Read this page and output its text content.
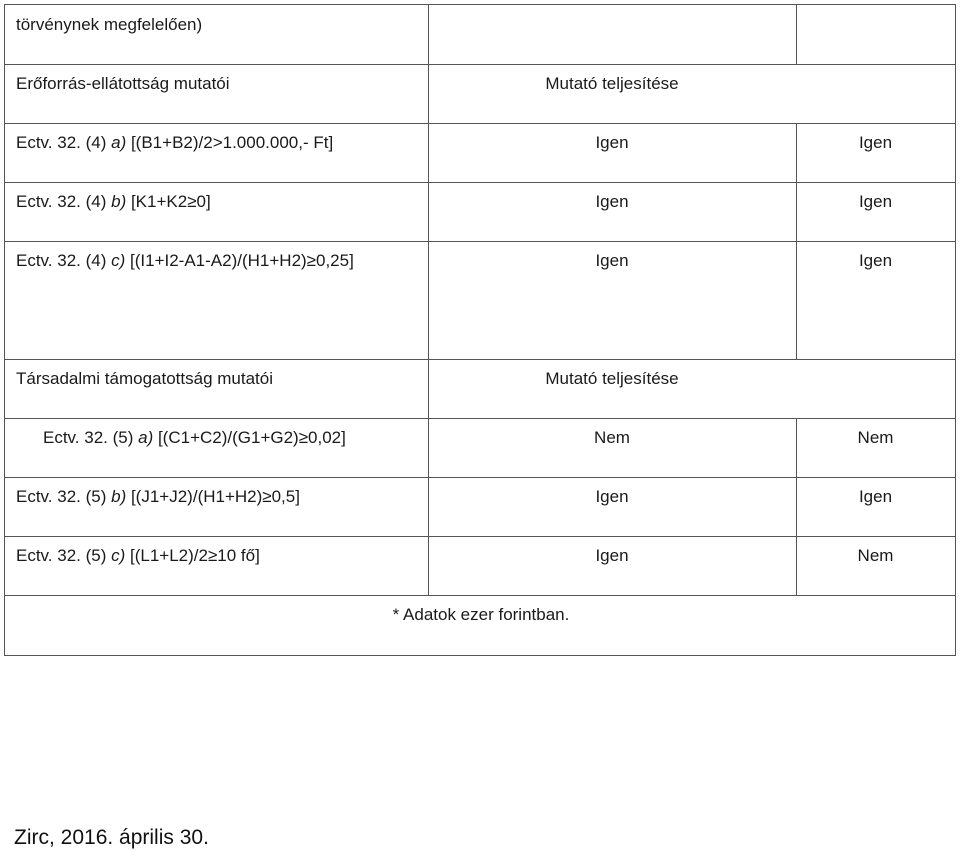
törvénynek megfelelően)
Erőforrás-ellátottság mutatói	Mutató teljesítése
Ectv. 32. (4) a) [(B1+B2)/2>1.000.000,- Ft]	Igen	Igen
Ectv. 32. (4) b) [K1+K2≥0]	Igen	Igen
Ectv. 32. (4) c) [(I1+I2-A1-A2)/(H1+H2)≥0,25]	Igen	Igen
Társadalmi támogatottság mutatói	Mutató teljesítése
Ectv. 32. (5) a) [(C1+C2)/(G1+G2)≥0,02]	Nem	Nem
Ectv. 32. (5) b) [(J1+J2)/(H1+H2)≥0,5]	Igen	Igen
Ectv. 32. (5) c) [(L1+L2)/2≥10 fő]	Igen	Nem
* Adatok ezer forintban.
Zirc, 2016. április 30.
